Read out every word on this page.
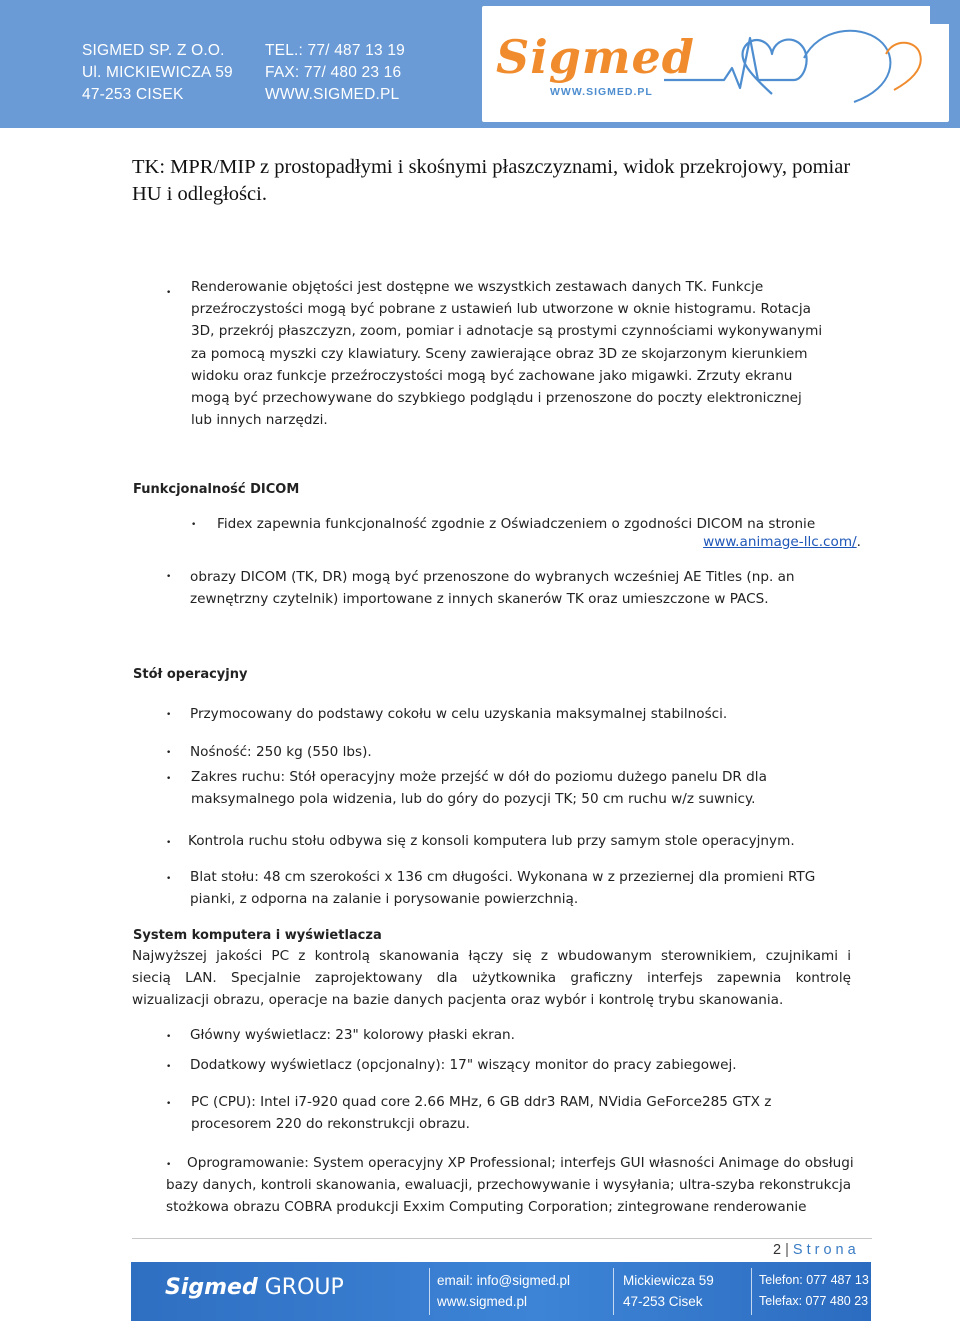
SIGMED SP. Z O.O.
Ul. MICKIEWICZA 59
47-253 CISEK
TEL.: 77/ 487 13 19
FAX: 77/ 480 23 16
WWW.SIGMED.PL
Sigmed
WWW.SIGMED.PL
TK: MPR/MIP z prostopadłymi i skośnymi płaszczyznami, widok przekrojowy, pomiar HU i odległości.
• Renderowanie objętości jest dostępne we wszystkich zestawach danych TK. Funkcje
przeźroczystości mogą być pobrane z ustawień lub utworzone w oknie histogramu. Rotacja
3D, przekrój płaszczyzn, zoom, pomiar i adnotacje są prostymi czynnościami wykonywanymi
za pomocą myszki czy klawiatury. Sceny zawierające obraz 3D ze skojarzonym kierunkiem
widoku oraz funkcje przeźroczystości mogą być zachowane jako migawki. Zrzuty ekranu
mogą być przechowywane do szybkiego podglądu i przenoszone do poczty elektronicznej
lub innych narzędzi.
Funkcjonalność DICOM
• Fidex zapewnia funkcjonalność zgodnie z Oświadczeniem o zgodności DICOM na stronie
www.animage-llc.com/.
• obrazy DICOM (TK, DR) mogą być przenoszone do wybranych wcześniej AE Titles (np. an
zewnętrzny czytelnik) importowane z innych skanerów TK oraz umieszczone w PACS.
Stół operacyjny
• Przymocowany do podstawy cokołu w celu uzyskania maksymalnej stabilności.
• Nośność: 250 kg (550 lbs).
• Zakres ruchu: Stół operacyjny może przejść w dół do poziomu dużego panelu DR dla
maksymalnego pola widzenia, lub do góry do pozycji TK; 50 cm ruchu w/z suwnicy.
• Kontrola ruchu stołu odbywa się z konsoli komputera lub przy samym stole operacyjnym.
• Blat stołu: 48 cm szerokości x 136 cm długości. Wykonana w z przeziernej dla promieni RTG
pianki, z odporna na zalanie i porysowanie powierzchnią.
System komputera i wyświetlacza
Najwyższej jakości PC z kontrolą skanowania łączy się z wbudowanym sterownikiem, czujnikami i
siecią LAN. Specjalnie zaprojektowany dla użytkownika graficzny interfejs zapewnia kontrolę
wizualizacji obrazu, operacje na bazie danych pacjenta oraz wybór i kontrolę trybu skanowania.
• Główny wyświetlacz: 23" kolorowy płaski ekran.
• Dodatkowy wyświetlacz (opcjonalny): 17" wiszący monitor do pracy zabiegowej.
• PC (CPU): Intel i7-920 quad core 2.66 MHz, 6 GB ddr3 RAM, NVidia GeForce285 GTX z
procesorem 220 do rekonstrukcji obrazu.
•	Oprogramowanie: System operacyjny XP Professional; interfejs GUI własności Animage do obsługi
bazy danych, kontroli skanowania, ewaluacji, przechowywanie i wysyłania; ultra-szyba rekonstrukcja
stożkowa obrazu COBRA produkcji Exxim Computing Corporation; zintegrowane renderowanie
2 | Strona
Sigmed GROUP	email: info@sigmed.pl
www.sigmed.pl
Mickiewicza 59
47-253 Cisek
Telefon: 077 487 13 19
Telefax: 077 480 23 16
